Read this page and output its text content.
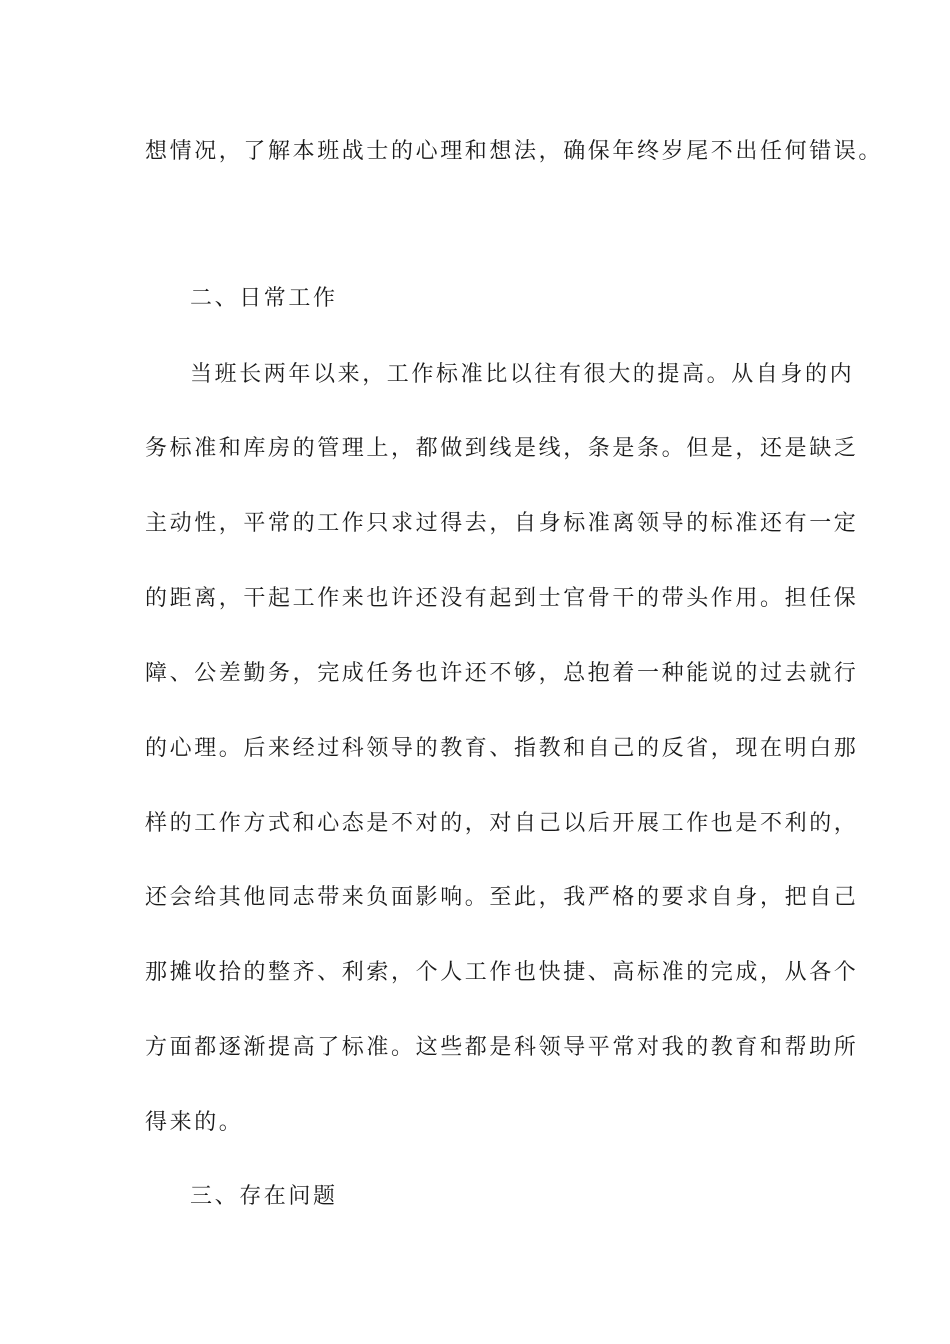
想情况，了解本班战士的心理和想法，确保年终岁尾不出任何错误。
二、日常工作
当班长两年以来，工作标准比以往有很大的提高。从自身的内
务标准和库房的管理上，都做到线是线，条是条。但是，还是缺乏
主动性，平常的工作只求过得去，自身标准离领导的标准还有一定
的距离，干起工作来也许还没有起到士官骨干的带头作用。担任保
障、公差勤务，完成任务也许还不够，总抱着一种能说的过去就行
的心理。后来经过科领导的教育、指教和自己的反省，现在明白那
样的工作方式和心态是不对的，对自己以后开展工作也是不利的，
还会给其他同志带来负面影响。至此，我严格的要求自身，把自己
那摊收拾的整齐、利索，个人工作也快捷、高标准的完成，从各个
方面都逐渐提高了标准。这些都是科领导平常对我的教育和帮助所
得来的。
三、存在问题
